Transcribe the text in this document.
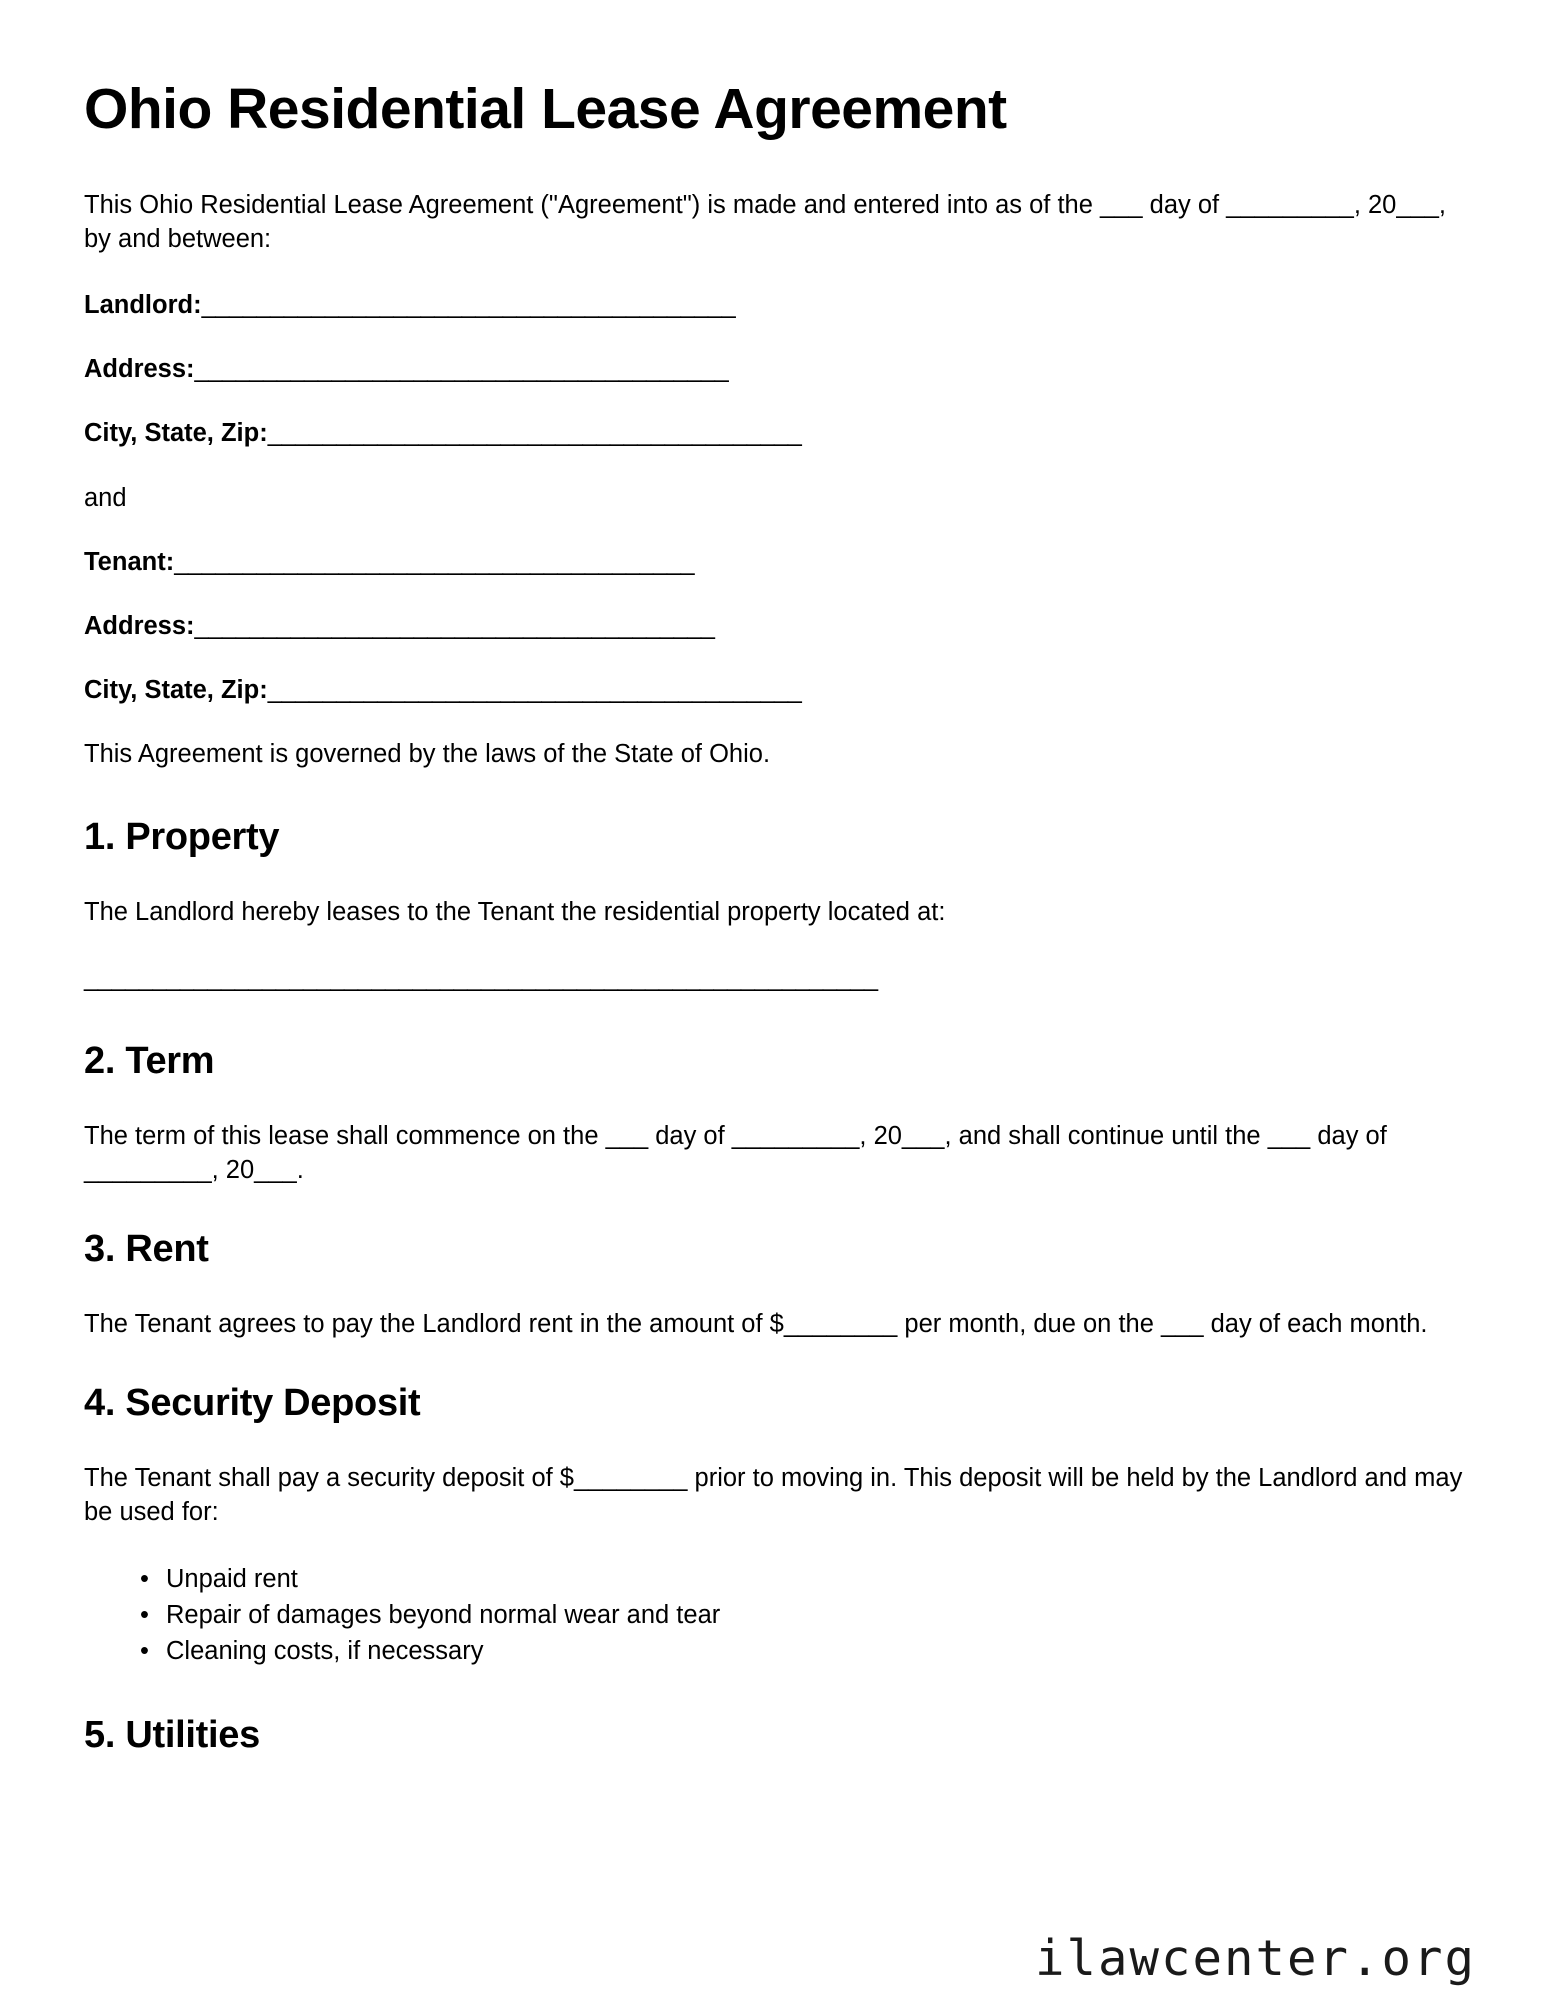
Ohio Residential Lease Agreement

This Ohio Residential Lease Agreement ("Agreement") is made and entered into as of the ___ day of _________, 20___, by and between:

Landlord:_______________________________________
Address:_______________________________________
City, State, Zip:_______________________________________
and
Tenant:______________________________________
Address:______________________________________
City, State, Zip:_______________________________________

This Agreement is governed by the laws of the State of Ohio.

1. Property

The Landlord hereby leases to the Tenant the residential property located at:

__________________________________________________________
2. Term

The term of this lease shall commence on the ___ day of _________, 20___, and shall continue until the ___ day of _________, 20___.

3. Rent

The Tenant agrees to pay the Landlord rent in the amount of $________ per month, due on the ___ day of each month.

4. Security Deposit

The Tenant shall pay a security deposit of $________ prior to moving in. This deposit will be held by the Landlord and may be used for:

• Unpaid rent
• Repair of damages beyond normal wear and tear
• Cleaning costs, if necessary
5. Utilities
ilawcenter.org
